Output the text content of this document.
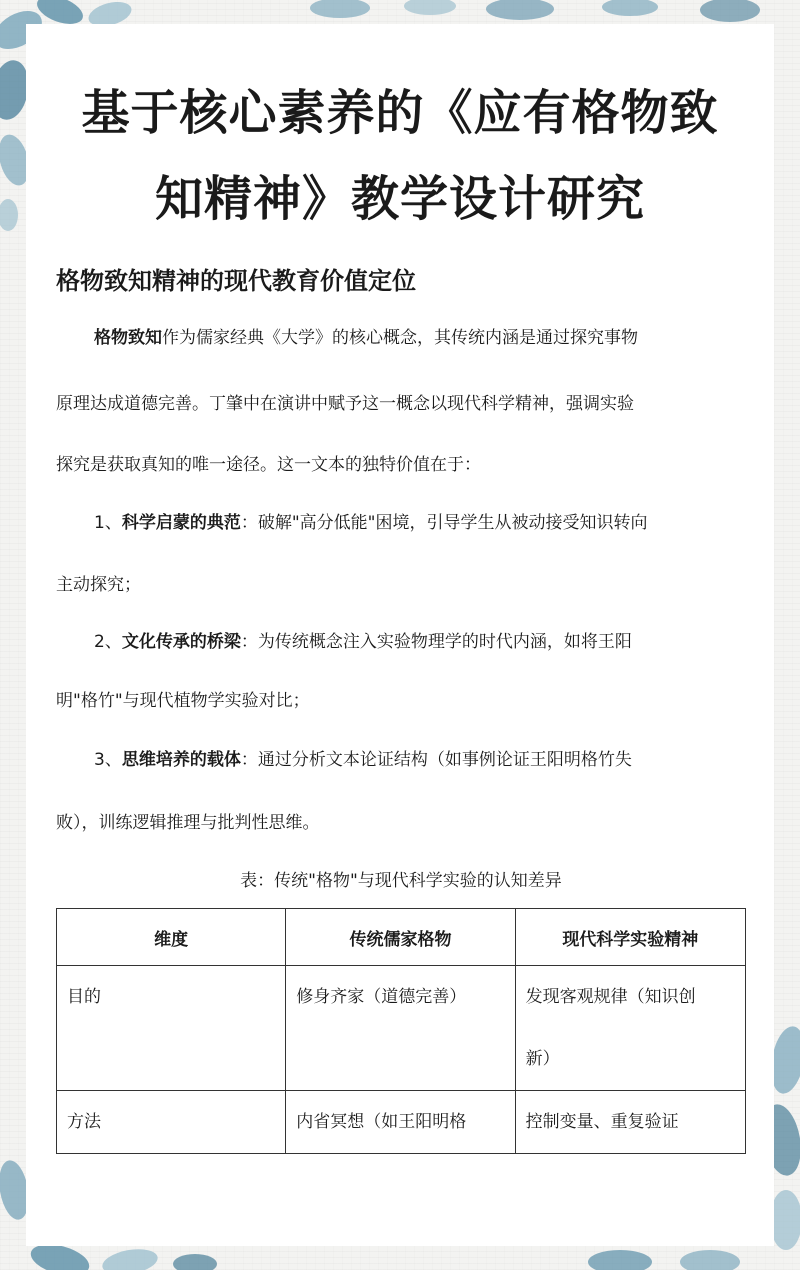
基于核心素养的《应有格物致
知精神》教学设计研究
格物致知精神的现代教育价值定位

格物致知作为儒家经典《大学》的核心概念，其传统内涵是通过探究事物

原理达成道德完善。丁肇中在演讲中赋予这一概念以现代科学精神，强调实验

探究是获取真知的唯一途径。这一文本的独特价值在于：

1、科学启蒙的典范：破解"高分低能"困境，引导学生从被动接受知识转向

主动探究；

2、文化传承的桥梁：为传统概念注入实验物理学的时代内涵，如将王阳

明"格竹"与现代植物学实验对比；

3、思维培养的载体：通过分析文本论证结构（如事例论证王阳明格竹失

败），训练逻辑推理与批判性思维。

表：传统"格物"与现代科学实验的认知差异

维度	传统儒家格物	现代科学实验精神
目的	修身齐家（道德完善）	发现客观规律（知识创
新）

方法	内省冥想（如王阳明格	控制变量、重复验证
